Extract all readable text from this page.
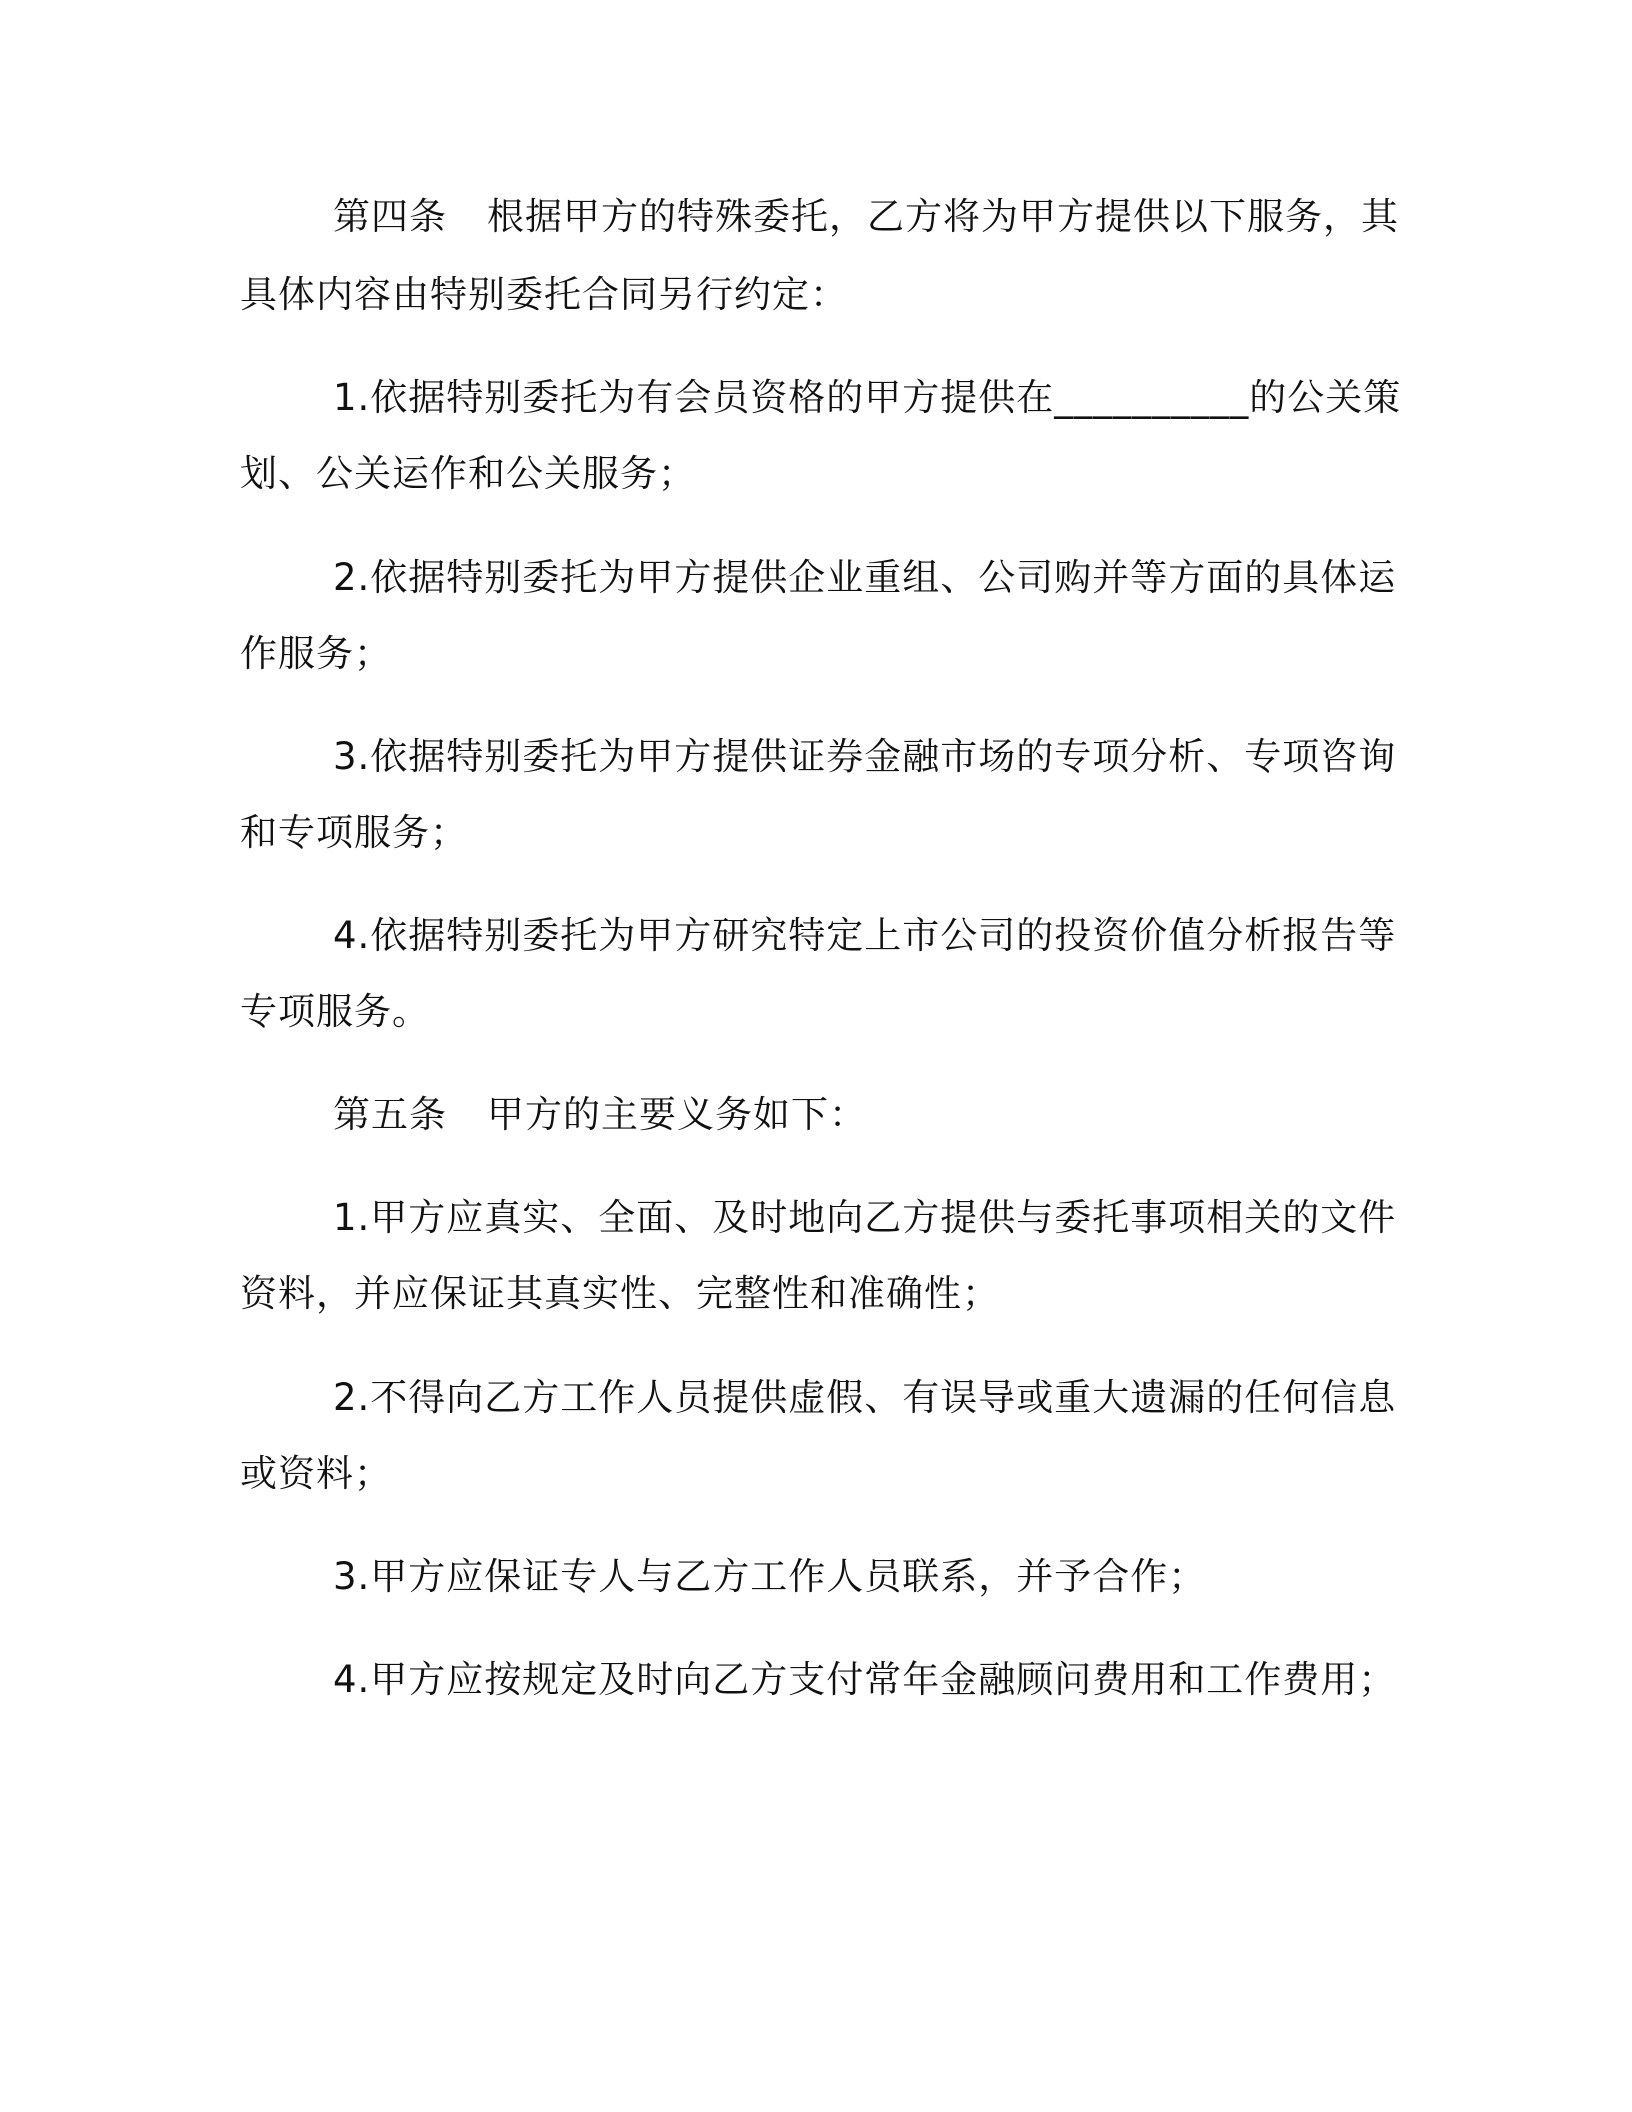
第四条 根据甲方的特殊委托，乙方将为甲方提供以下服务，其
具体内容由特别委托合同另行约定：
1.依据特别委托为有会员资格的甲方提供在__________的公关策
划、公关运作和公关服务；
2.依据特别委托为甲方提供企业重组、公司购并等方面的具体运
作服务；
3.依据特别委托为甲方提供证券金融市场的专项分析、专项咨询
和专项服务；
4.依据特别委托为甲方研究特定上市公司的投资价值分析报告等
专项服务。
第五条 甲方的主要义务如下：
1.甲方应真实、全面、及时地向乙方提供与委托事项相关的文件
资料，并应保证其真实性、完整性和准确性；
2.不得向乙方工作人员提供虚假、有误导或重大遗漏的任何信息
或资料；
3.甲方应保证专人与乙方工作人员联系，并予合作；
4.甲方应按规定及时向乙方支付常年金融顾问费用和工作费用；
